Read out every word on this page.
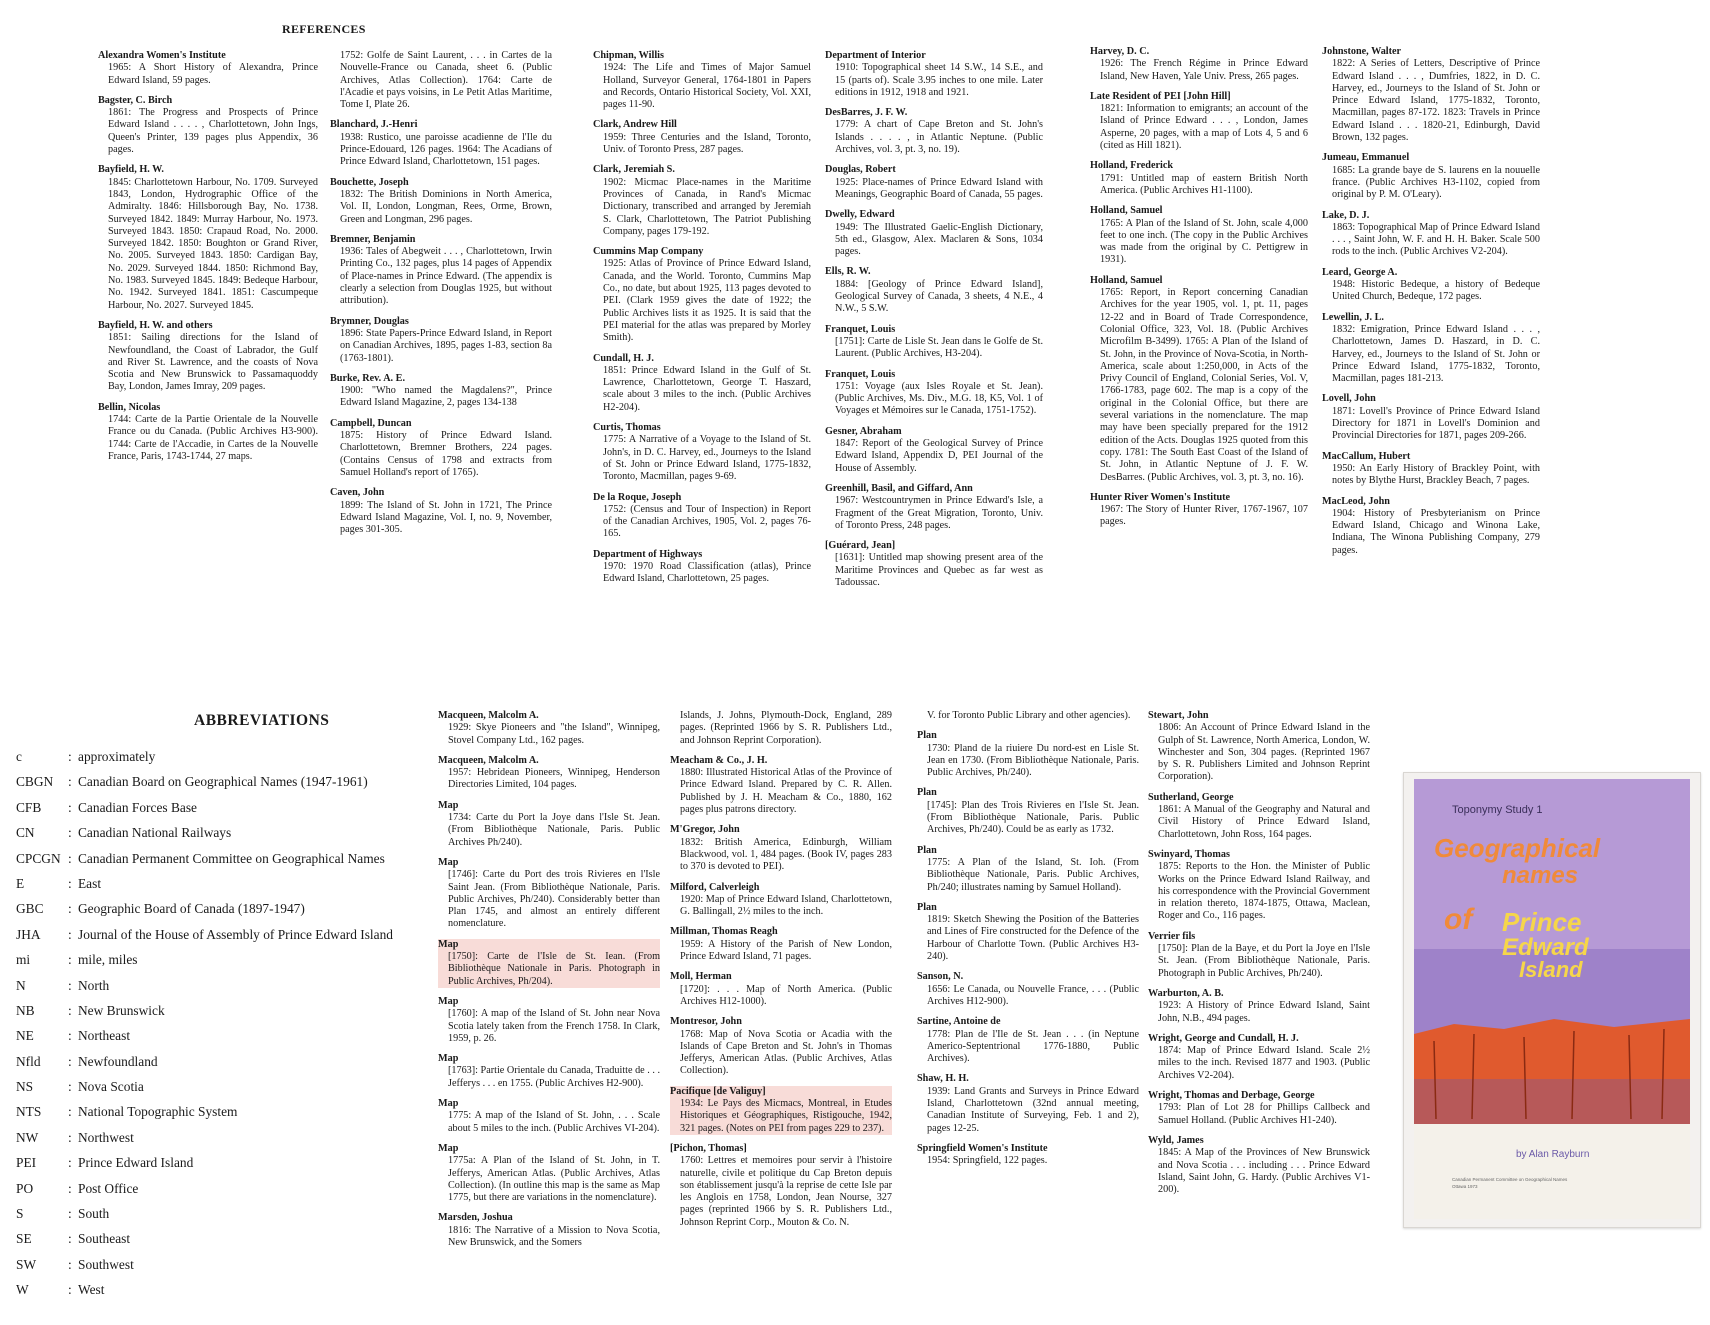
REFERENCES
Alexandra Women's Institute
1965: A Short History of Alexandra, Prince Edward Island, 59 pages.
Bagster, C. Birch
1861: The Progress and Prospects of Prince Edward Island . . . . , Charlottetown, John Ings, Queen's Printer, 139 pages plus Appendix, 36 pages.
Bayfield, H. W.
1845: Charlottetown Harbour, No. 1709. Surveyed 1843, London, Hydrographic Office of the Admiralty. 1846: Hillsborough Bay, No. 1738. Surveyed 1842. 1849: Murray Harbour, No. 1973. Surveyed 1843. 1850: Crapaud Road, No. 2000. Surveyed 1842. 1850: Boughton or Grand River, No. 2005. Surveyed 1843. 1850: Cardigan Bay, No. 2029. Surveyed 1844. 1850: Richmond Bay, No. 1983. Surveyed 1845. 1849: Bedeque Harbour, No. 1942. Surveyed 1841. 1851: Cascumpeque Harbour, No. 2027. Surveyed 1845.
Bayfield, H. W. and others
1851: Sailing directions for the Island of Newfoundland, the Coast of Labrador, the Gulf and River St. Lawrence, and the coasts of Nova Scotia and New Brunswick to Passamaquoddy Bay, London, James Imray, 209 pages.
Bellin, Nicolas
1744: Carte de la Partie Orientale de la Nouvelle France ou du Canada. (Public Archives H3-900). 1744: Carte de l'Accadie, in Cartes de la Nouvelle France, Paris, 1743-1744, 27 maps.
1752: Golfe de Saint Laurent, . . . in Cartes de la Nouvelle-France ou Canada, sheet 6. (Public Archives, Atlas Collection). 1764: Carte de l'Acadie et pays voisins, in Le Petit Atlas Maritime, Tome I, Plate 26.
Blanchard, J.-Henri
1938: Rustico, une paroisse acadienne de l'Ile du Prince-Edouard, 126 pages. 1964: The Acadians of Prince Edward Island, Charlottetown, 151 pages.
Bouchette, Joseph
1832: The British Dominions in North America, Vol. II, London, Longman, Rees, Orme, Brown, Green and Longman, 296 pages.
Bremner, Benjamin
1936: Tales of Abegweit . . . , Charlottetown, Irwin Printing Co., 132 pages, plus 14 pages of Appendix of Place-names in Prince Edward. (The appendix is clearly a selection from Douglas 1925, but without attribution).
Brymner, Douglas
1896: State Papers-Prince Edward Island, in Report on Canadian Archives, 1895, pages 1-83, section 8a (1763-1801).
Burke, Rev. A. E.
1900: "Who named the Magdalens?", Prince Edward Island Magazine, 2, pages 134-138
Campbell, Duncan
1875: History of Prince Edward Island. Charlottetown, Bremner Brothers, 224 pages. (Contains Census of 1798 and extracts from Samuel Holland's report of 1765).
Caven, John
1899: The Island of St. John in 1721, The Prince Edward Island Magazine, Vol. I, no. 9, November, pages 301-305.
Chipman, Willis
1924: The Life and Times of Major Samuel Holland, Surveyor General, 1764-1801 in Papers and Records, Ontario Historical Society, Vol. XXI, pages 11-90.
Clark, Andrew Hill
1959: Three Centuries and the Island, Toronto, Univ. of Toronto Press, 287 pages.
Clark, Jeremiah S.
1902: Micmac Place-names in the Maritime Provinces of Canada, in Rand's Micmac Dictionary, transcribed and arranged by Jeremiah S. Clark, Charlottetown, The Patriot Publishing Company, pages 179-192.
Cummins Map Company
1925: Atlas of Province of Prince Edward Island, Canada, and the World. Toronto, Cummins Map Co., no date, but about 1925, 113 pages devoted to PEI. (Clark 1959 gives the date of 1922; the Public Archives lists it as 1925. It is said that the PEI material for the atlas was prepared by Morley Smith).
Cundall, H. J.
1851: Prince Edward Island in the Gulf of St. Lawrence, Charlottetown, George T. Haszard, scale about 3 miles to the inch. (Public Archives H2-204).
Curtis, Thomas
1775: A Narrative of a Voyage to the Island of St. John's, in D. C. Harvey, ed., Journeys to the Island of St. John or Prince Edward Island, 1775-1832, Toronto, Macmillan, pages 9-69.
De la Roque, Joseph
1752: (Census and Tour of Inspection) in Report of the Canadian Archives, 1905, Vol. 2, pages 76-165.
Department of Highways
1970: 1970 Road Classification (atlas), Prince Edward Island, Charlottetown, 25 pages.
Department of Interior
1910: Topographical sheet 14 S.W., 14 S.E., and 15 (parts of). Scale 3.95 inches to one mile. Later editions in 1912, 1918 and 1921.
DesBarres, J. F. W.
1779: A chart of Cape Breton and St. John's Islands . . . . , in Atlantic Neptune. (Public Archives, vol. 3, pt. 3, no. 19).
Douglas, Robert
1925: Place-names of Prince Edward Island with Meanings, Geographic Board of Canada, 55 pages.
Dwelly, Edward
1949: The Illustrated Gaelic-English Dictionary, 5th ed., Glasgow, Alex. Maclaren & Sons, 1034 pages.
Ells, R. W.
1884: [Geology of Prince Edward Island], Geological Survey of Canada, 3 sheets, 4 N.E., 4 N.W., 5 S.W.
Franquet, Louis
[1751]: Carte de Lisle St. Jean dans le Golfe de St. Laurent. (Public Archives, H3-204).
Franquet, Louis
1751: Voyage (aux Isles Royale et St. Jean). (Public Archives, Ms. Div., M.G. 18, K5, Vol. 1 of Voyages et Mémoires sur le Canada, 1751-1752).
Gesner, Abraham
1847: Report of the Geological Survey of Prince Edward Island, Appendix D, PEI Journal of the House of Assembly.
Greenhill, Basil, and Giffard, Ann
1967: Westcountrymen in Prince Edward's Isle, a Fragment of the Great Migration, Toronto, Univ. of Toronto Press, 248 pages.
[Guérard, Jean]
[1631]: Untitled map showing present area of the Maritime Provinces and Quebec as far west as Tadoussac.
Harvey, D. C.
1926: The French Régime in Prince Edward Island, New Haven, Yale Univ. Press, 265 pages.
Late Resident of PEI [John Hill]
1821: Information to emigrants; an account of the Island of Prince Edward . . . , London, James Asperne, 20 pages, with a map of Lots 4, 5 and 6 (cited as Hill 1821).
Holland, Frederick
1791: Untitled map of eastern British North America. (Public Archives H1-1100).
Holland, Samuel
1765: A Plan of the Island of St. John, scale 4,000 feet to one inch. (The copy in the Public Archives was made from the original by C. Pettigrew in 1931).
Holland, Samuel
1765: Report, in Report concerning Canadian Archives for the year 1905, vol. 1, pt. 11, pages 12-22 and in Board of Trade Correspondence, Colonial Office, 323, Vol. 18. (Public Archives Microfilm B-3499). 1765: A Plan of the Island of St. John, in the Province of Nova-Scotia, in North-America, scale about 1:250,000, in Acts of the Privy Council of England, Colonial Series, Vol. V, 1766-1783, page 602. The map is a copy of the original in the Colonial Office, but there are several variations in the nomenclature. The map may have been specially prepared for the 1912 edition of the Acts. Douglas 1925 quoted from this copy. 1781: The South East Coast of the Island of St. John, in Atlantic Neptune of J. F. W. DesBarres. (Public Archives, vol. 3, pt. 3, no. 16).
Hunter River Women's Institute
1967: The Story of Hunter River, 1767-1967, 107 pages.
Johnstone, Walter
1822: A Series of Letters, Descriptive of Prince Edward Island . . . , Dumfries, 1822, in D. C. Harvey, ed., Journeys to the Island of St. John or Prince Edward Island, 1775-1832, Toronto, Macmillan, pages 87-172. 1823: Travels in Prince Edward Island . . . 1820-21, Edinburgh, David Brown, 132 pages.
Jumeau, Emmanuel
1685: La grande baye de S. laurens en la nouuelle france. (Public Archives H3-1102, copied from original by P. M. O'Leary).
Lake, D. J.
1863: Topographical Map of Prince Edward Island . . . , Saint John, W. F. and H. H. Baker. Scale 500 rods to the inch. (Public Archives V2-204).
Leard, George A.
1948: Historic Bedeque, a history of Bedeque United Church, Bedeque, 172 pages.
Lewellin, J. L.
1832: Emigration, Prince Edward Island . . . , Charlottetown, James D. Haszard, in D. C. Harvey, ed., Journeys to the Island of St. John or Prince Edward Island, 1775-1832, Toronto, Macmillan, pages 181-213.
Lovell, John
1871: Lovell's Province of Prince Edward Island Directory for 1871 in Lovell's Dominion and Provincial Directories for 1871, pages 209-266.
MacCallum, Hubert
1950: An Early History of Brackley Point, with notes by Blythe Hurst, Brackley Beach, 7 pages.
MacLeod, John
1904: History of Presbyterianism on Prince Edward Island, Chicago and Winona Lake, Indiana, The Winona Publishing Company, 279 pages.
ABBREVIATIONS
c	: approximately
CBGN	: Canadian Board on Geographical Names (1947-1961)
CFB	: Canadian Forces Base
CN	: Canadian National Railways
CPCGN : Canadian Permanent Committee on Geographical Names
E	: East
GBC	: Geographic Board of Canada (1897-1947)
JHA	: Journal of the House of Assembly of Prince Edward Island
mi	: mile, miles
N	: North
NB	: New Brunswick
NE	: Northeast
Nfld	: Newfoundland
NS	: Nova Scotia
NTS	: National Topographic System
NW	: Northwest
PEI	: Prince Edward Island
PO	: Post Office
S	: South
SE	: Southeast
SW	: Southwest
W	: West
Macqueen, Malcolm A.
1929: Skye Pioneers and "the Island", Winnipeg, Stovel Company Ltd., 162 pages.
Macqueen, Malcolm A.
1957: Hebridean Pioneers, Winnipeg, Henderson Directories Limited, 104 pages.
Map
1734: Carte du Port la Joye dans l'Isle St. Jean. (From Bibliothèque Nationale, Paris. Public Archives Ph/240).
Map
[1746]: Carte du Port des trois Rivieres en l'Isle Saint Jean. (From Bibliothèque Nationale, Paris. Public Archives, Ph/240). Considerably better than Plan 1745, and almost an entirely different nomenclature.
Map
[1750]: Carte de l'Isle de St. Iean. (From Bibliothèque Nationale in Paris. Photograph in Public Archives, Ph/204).
Map
[1760]: A map of the Island of St. John near Nova Scotia lately taken from the French 1758. In Clark, 1959, p. 26.
Map
[1763]: Partie Orientale du Canada, Traduitte de . . . Jefferys . . . en 1755. (Public Archives H2-900).
Map
1775: A map of the Island of St. John, . . . Scale about 5 miles to the inch. (Public Archives VI-204).
Map
1775a: A Plan of the Island of St. John, in T. Jefferys, American Atlas. (Public Archives, Atlas Collection). (In outline this map is the same as Map 1775, but there are variations in the nomenclature).
Marsden, Joshua
1816: The Narrative of a Mission to Nova Scotia, New Brunswick, and the Somers
Islands, J. Johns, Plymouth-Dock, England, 289 pages. (Reprinted 1966 by S. R. Publishers Ltd., and Johnson Reprint Corporation).
Meacham & Co., J. H.
1880: Illustrated Historical Atlas of the Province of Prince Edward Island. Prepared by C. R. Allen. Published by J. H. Meacham & Co., 1880, 162 pages plus patrons directory.
M'Gregor, John
1832: British America, Edinburgh, William Blackwood, vol. 1, 484 pages. (Book IV, pages 283 to 370 is devoted to PEI).
Milford, Calverleigh
1920: Map of Prince Edward Island, Charlottetown, G. Ballingall, 2½ miles to the inch.
Millman, Thomas Reagh
1959: A History of the Parish of New London, Prince Edward Island, 71 pages.
Moll, Herman
[1720]: . . . Map of North America. (Public Archives H12-1000).
Montresor, John
1768: Map of Nova Scotia or Acadia with the Islands of Cape Breton and St. John's in Thomas Jefferys, American Atlas. (Public Archives, Atlas Collection).
Pacifique [de Valiguy]
1934: Le Pays des Micmacs, Montreal, in Etudes Historiques et Géographiques, Ristigouche, 1942, 321 pages. (Notes on PEI from pages 229 to 237).
[Pichon, Thomas]
1760: Lettres et memoires pour servir à l'histoire naturelle, civile et politique du Cap Breton depuis son établissement jusqu'à la reprise de cette Isle par les Anglois en 1758, London, Jean Nourse, 327 pages (reprinted 1966 by S. R. Publishers Ltd., Johnson Reprint Corp., Mouton & Co. N.
V. for Toronto Public Library and other agencies).
Plan
1730: Pland de la riuiere Du nord-est en Lisle St. Jean en 1730. (From Bibliothèque Nationale, Paris. Public Archives, Ph/240).
Plan
[1745]: Plan des Trois Rivieres en l'Isle St. Jean. (From Bibliothèque Nationale, Paris. Public Archives, Ph/240). Could be as early as 1732.
Plan
1775: A Plan of the Island, St. Ioh. (From Bibliothèque Nationale, Paris. Public Archives, Ph/240; illustrates naming by Samuel Holland).
Plan
1819: Sketch Shewing the Position of the Batteries and Lines of Fire constructed for the Defence of the Harbour of Charlotte Town. (Public Archives H3-240).
Sanson, N.
1656: Le Canada, ou Nouvelle France, . . . (Public Archives H12-900).
Sartine, Antoine de
1778: Plan de l'Ile de St. Jean . . . (in Neptune Americo-Septentrional 1776-1880, Public Archives).
Shaw, H. H.
1939: Land Grants and Surveys in Prince Edward Island, Charlottetown (32nd annual meeting, Canadian Institute of Surveying, Feb. 1 and 2), pages 12-25.
Springfield Women's Institute
1954: Springfield, 122 pages.
Stewart, John
1806: An Account of Prince Edward Island in the Gulph of St. Lawrence, North America, London, W. Winchester and Son, 304 pages. (Reprinted 1967 by S. R. Publishers Limited and Johnson Reprint Corporation).
Sutherland, George
1861: A Manual of the Geography and Natural and Civil History of Prince Edward Island, Charlottetown, John Ross, 164 pages.
Swinyard, Thomas
1875: Reports to the Hon. the Minister of Public Works on the Prince Edward Island Railway, and his correspondence with the Provincial Government in relation thereto, 1874-1875, Ottawa, Maclean, Roger and Co., 116 pages.
Verrier fils
[1750]: Plan de la Baye, et du Port la Joye en l'Isle St. Jean. (From Bibliothèque Nationale, Paris. Photograph in Public Archives, Ph/240).
Warburton, A. B.
1923: A History of Prince Edward Island, Saint John, N.B., 494 pages.
Wright, George and Cundall, H. J.
1874: Map of Prince Edward Island. Scale 2½ miles to the inch. Revised 1877 and 1903. (Public Archives V2-204).
Wright, Thomas and Derbage, George
1793: Plan of Lot 28 for Phillips Callbeck and Samuel Holland. (Public Archives H1-240).
Wyld, James
1845: A Map of the Provinces of New Brunswick and Nova Scotia . . . including . . . Prince Edward Island, Saint John, G. Hardy. (Public Archives V1-200).
Toponymy Study 1
Geographical
names
of Prince
Edward
Island
by Alan Rayburn
Canadian Permanent Committee on Geographical Names
Ottawa 1973
